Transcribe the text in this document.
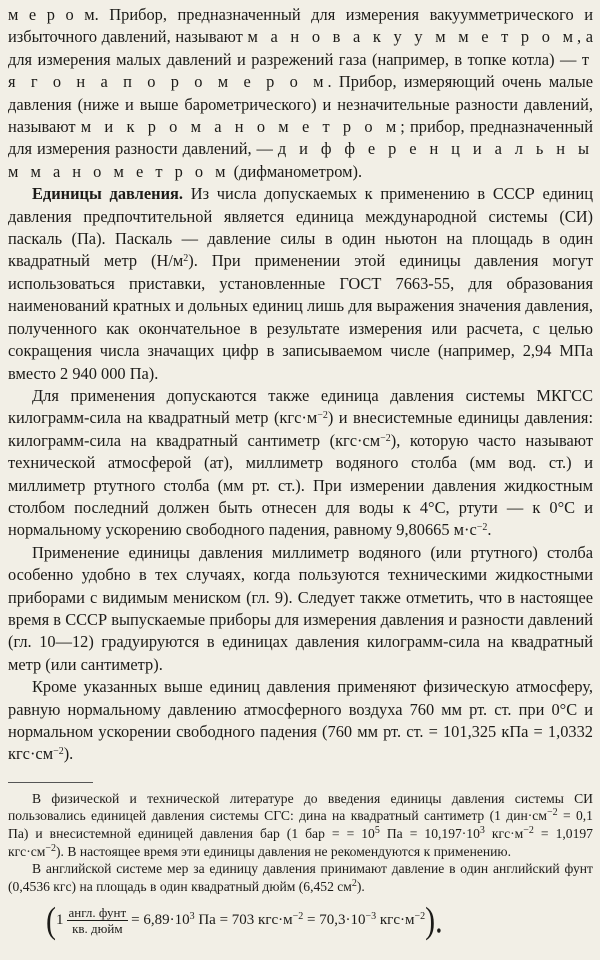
м е р о м. Прибор, предназначенный для измерения вакуумметрического и избыточного давлений, называют м а н о в а к у у м м е т р о м, а для измерения малых давлений и разрежений газа (например, в топке котла) — т я г о н а п о р о м е р о м. Прибор, измеряющий очень малые давления (ниже и выше барометрического) и незначительные разности давлений, называют м и к р о м а н о м е т р о м; прибор, предназначенный для измерения разности давлений, — д и ф ф е р е н ц и а л ь н ы м м а н о м е т р о м (дифманометром).

Единицы давления. Из числа допускаемых к применению в СССР единиц давления предпочтительной является единица международной системы (СИ) паскаль (Па). Паскаль — давление силы в один ньютон на площадь в один квадратный метр $(Н/м^2)$. При применении этой единицы давления могут использоваться приставки, установленные ГОСТ 7663-55, для образования наименований кратных и дольных единиц лишь для выражения значения давления, полученного как окончательное в результате измерения или расчета, с целью сокращения числа значащих цифр в записываемом числе (например, 2,94 МПа вместо 2 940 000 Па).

Для применения допускаются также единица давления системы МКГСС килограмм-сила на квадратный метр $(кгс\cdot м^{-2})$ и внесистемные единицы давления: килограмм-сила на квадратный сантиметр $(кгс\cdot см^{-2})$, которую часто называют технической атмосферой (ат), миллиметр водяного столба (мм вод. ст.) и миллиметр ртутного столба (мм рт. ст.). При измерении давления жидкостным столбом последний должен быть отнесен для воды к 4°C, ртути — к 0°C и нормальному ускорению свободного падения, равному 9,80665 $м\cdot с^{-2}$.

Применение единицы давления миллиметр водяного (или ртутного) столба особенно удобно в тех случаях, когда пользуются техническими жидкостными приборами с видимым мениском (гл. 9). Следует также отметить, что в настоящее время в СССР выпускаемые приборы для измерения давления и разности давлений (гл. 10—12) градуируются в единицах давления килограмм-сила на квадратный метр (или сантиметр).

Кроме указанных выше единиц давления применяют физическую атмосферу, равную нормальному давлению атмосферного воздуха 760 мм рт. ст. при 0°C и нормальном ускорении свободного падения (760 мм рт. ст. = 101,325 кПа = 1,0332 $кгс\cdot см^{-2}$).

В физической и технической литературе до введения единицы давления системы СИ пользовались единицей давления системы СГС: дина на квадратный сантиметр (1 $дин\cdot см^{-2} = 0,1$ Па) и внесистемной единицей давления бар (1 бар = = $10^5$ Па = $10,197\cdot 10^3$ $кгс\cdot м^{-2} = 1,0197$ $кгс\cdot см^{-2}$). В настоящее время эти единицы давления не рекомендуются к применению.

В английской системе мер за единицу давления принимают давление в один английский фунт (0,4536 кгс) на площадь в один квадратный дюйм (6,452 $см^2$).

( $1 \frac{\text{англ. фунт}}{\text{кв. дюйм}} = 6,89\cdot 10^3$ Па = 703 $кгс\cdot м^{-2} = 70,3\cdot 10^{-3}$ $кгс\cdot м^{-2}$ ).
